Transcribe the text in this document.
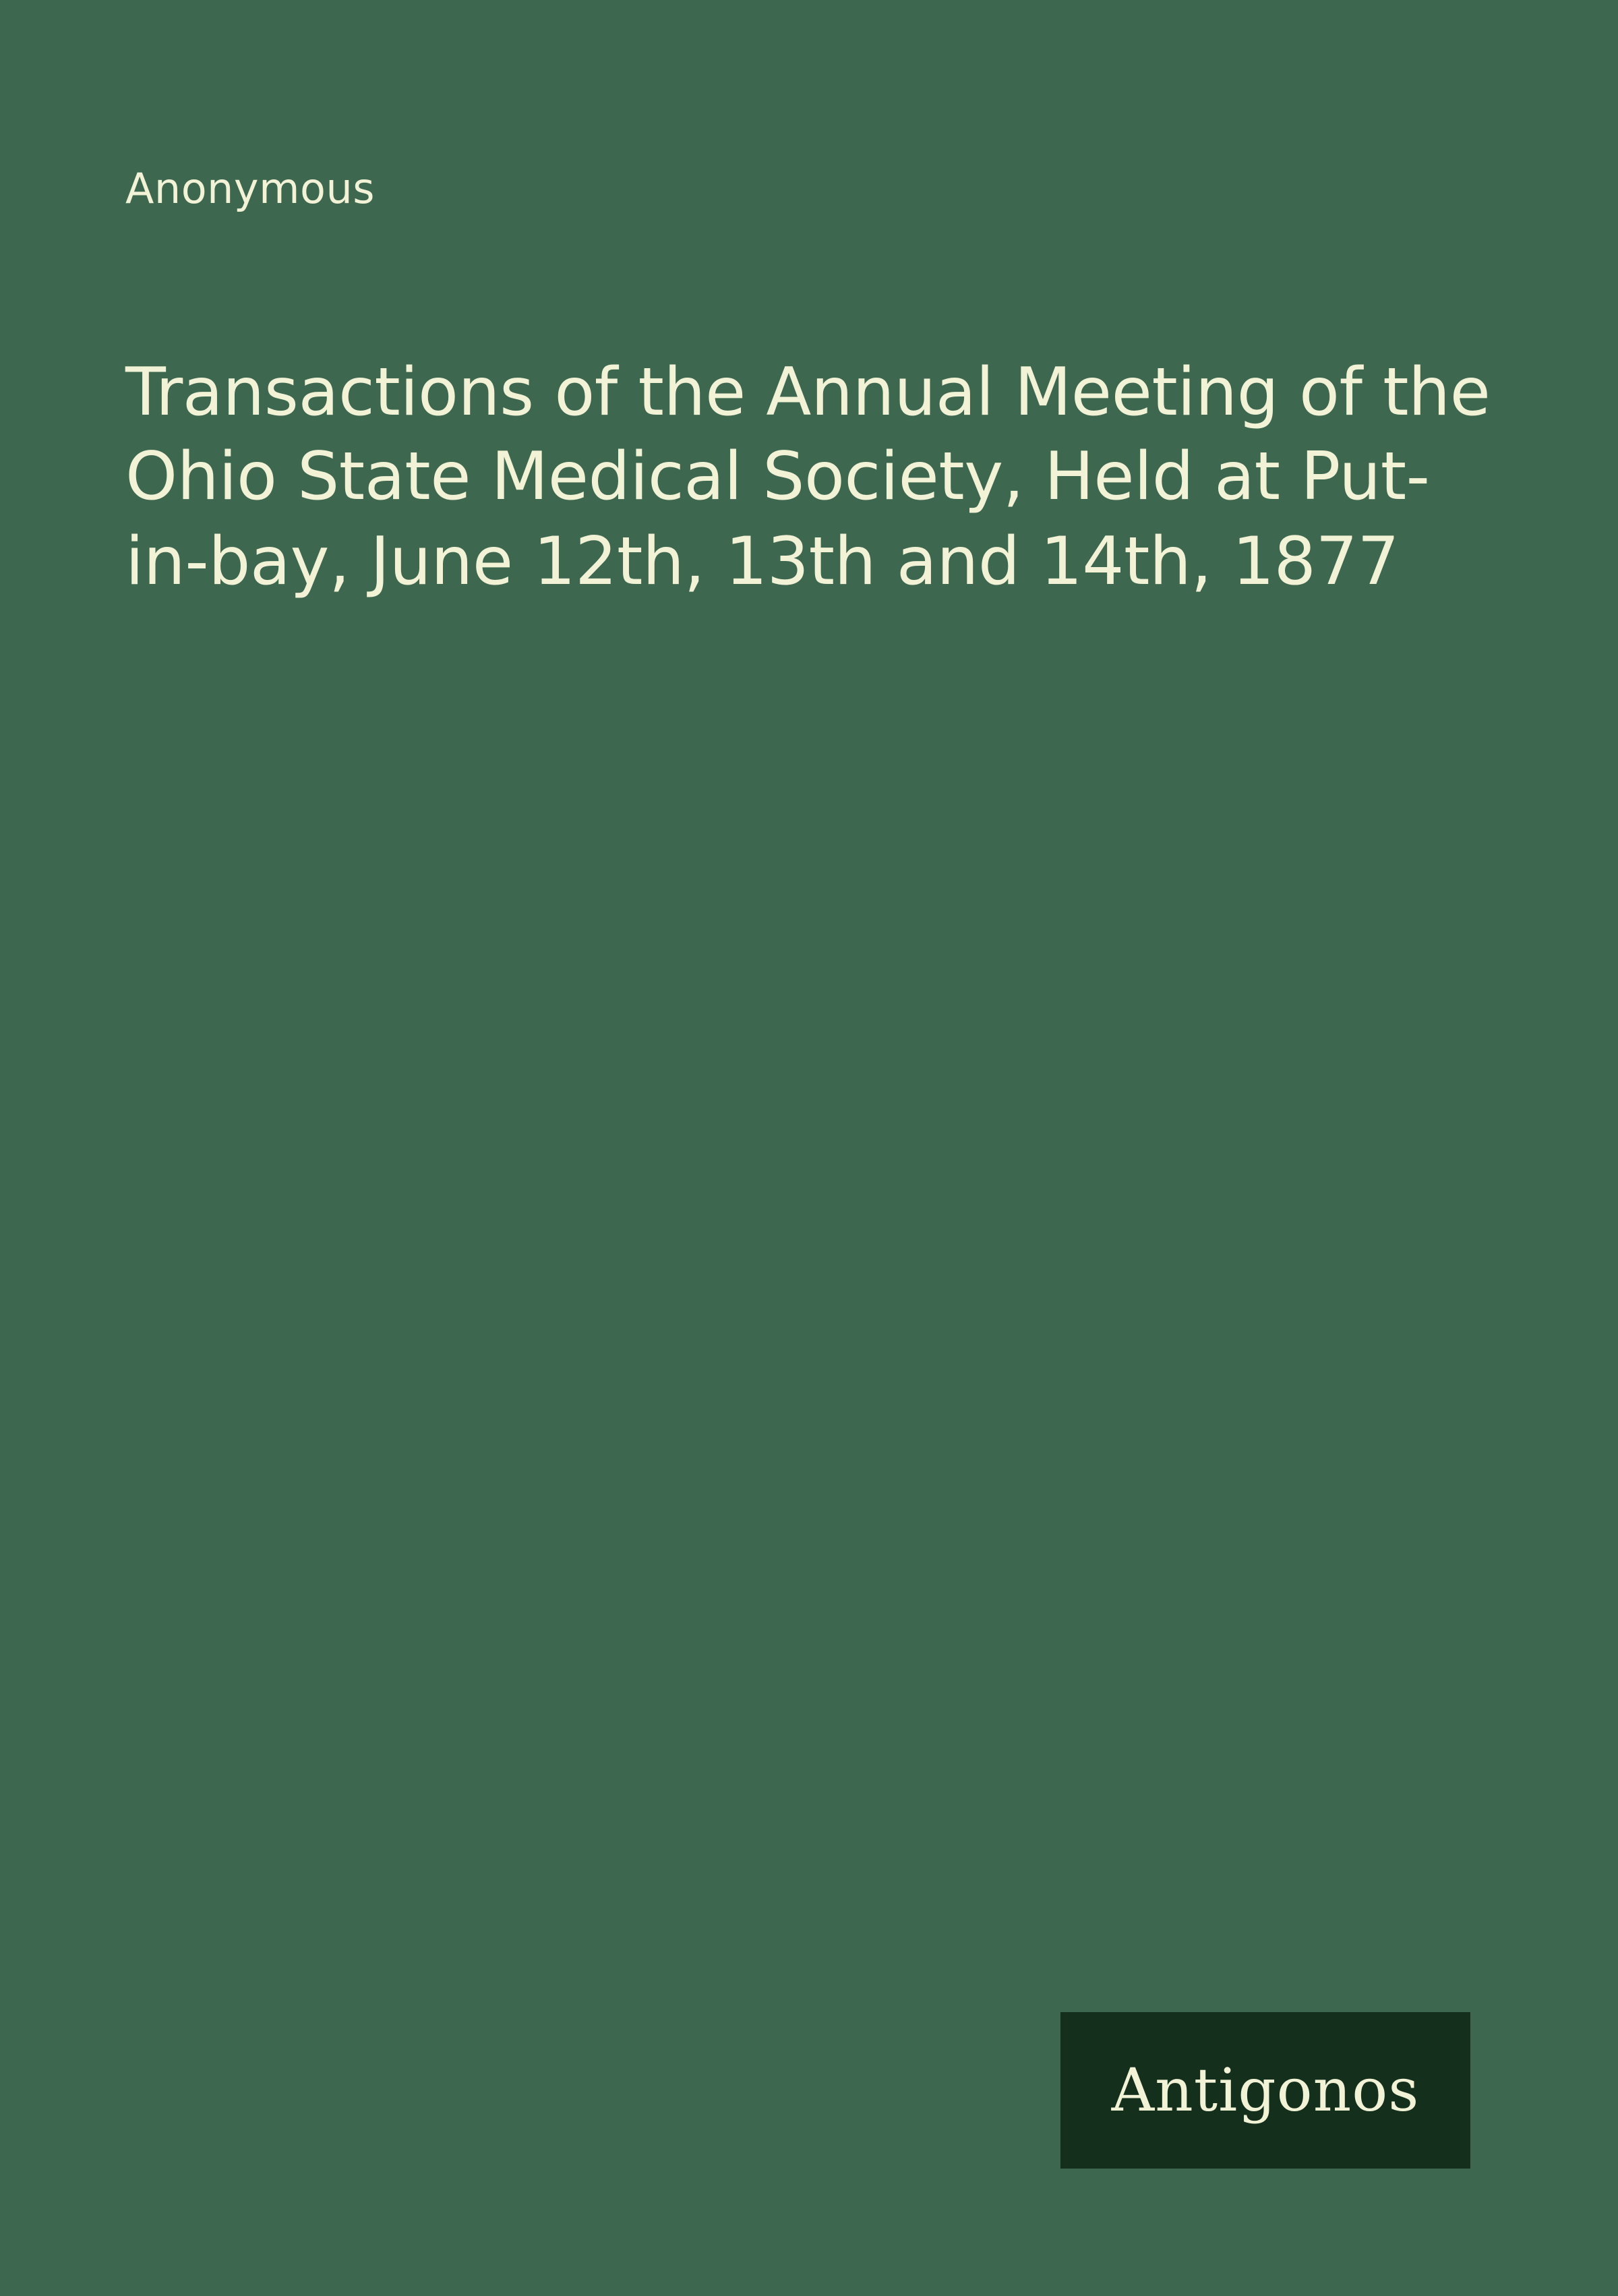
Anonymous
Transactions of the Annual Meeting of the Ohio State Medical Society, Held at Put-in-bay, June 12th, 13th and 14th, 1877
Antigonos
